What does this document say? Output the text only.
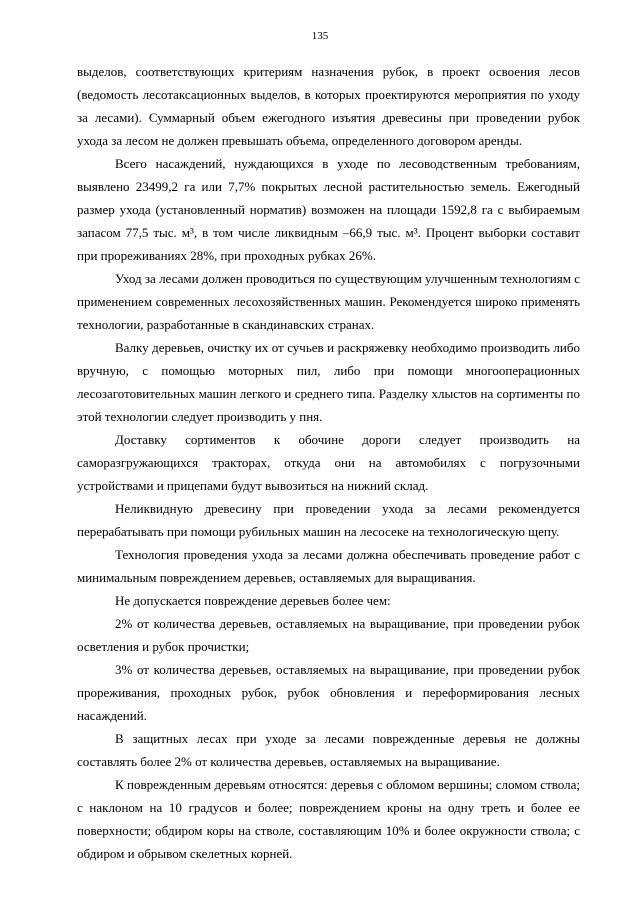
135

выделов, соответствующих критериям назначения рубок, в проект освоения лесов (ведомость лесотаксационных выделов, в которых проектируются мероприятия по уходу за лесами). Суммарный объем ежегодного изъятия древесины при проведении рубок ухода за лесом не должен превышать объема, определенного договором аренды.

Всего насаждений, нуждающихся в уходе по лесоводственным требованиям, выявлено 23499,2 га или 7,7% покрытых лесной растительностью земель. Ежегодный размер ухода (установленный норматив) возможен на площади 1592,8 га с выбираемым запасом 77,5 тыс. м³, в том числе ликвидным –66,9 тыс. м³. Процент выборки составит при прореживаниях 28%, при проходных рубках 26%.

Уход за лесами должен проводиться по существующим улучшенным технологиям с применением современных лесохозяйственных машин. Рекомендуется широко применять технологии, разработанные в скандинавских странах.

Валку деревьев, очистку их от сучьев и раскряжевку необходимо производить либо вручную, с помощью моторных пил, либо при помощи многооперационных лесозаготовительных машин легкого и среднего типа. Разделку хлыстов на сортименты по этой технологии следует производить у пня.

Доставку сортиментов к обочине дороги следует производить на саморазгружающихся тракторах, откуда они на автомобилях с погрузочными устройствами и прицепами будут вывозиться на нижний склад.

Неликвидную древесину при проведении ухода за лесами рекомендуется перерабатывать при помощи рубильных машин на лесосеке на технологическую щепу.

Технология проведения ухода за лесами должна обеспечивать проведение работ с минимальным повреждением деревьев, оставляемых для выращивания.

Не допускается повреждение деревьев более чем:

2% от количества деревьев, оставляемых на выращивание, при проведении рубок осветления и рубок прочистки;

3% от количества деревьев, оставляемых на выращивание, при проведении рубок прореживания, проходных рубок, рубок обновления и переформирования лесных насаждений.

В защитных лесах при уходе за лесами поврежденные деревья не должны составлять более 2% от количества деревьев, оставляемых на выращивание.

К поврежденным деревьям относятся: деревья с обломом вершины; сломом ствола; с наклоном на 10 градусов и более; повреждением кроны на одну треть и более ее поверхности; обдиром коры на стволе, составляющим 10% и более окружности ствола; с обдиром и обрывом скелетных корней.
